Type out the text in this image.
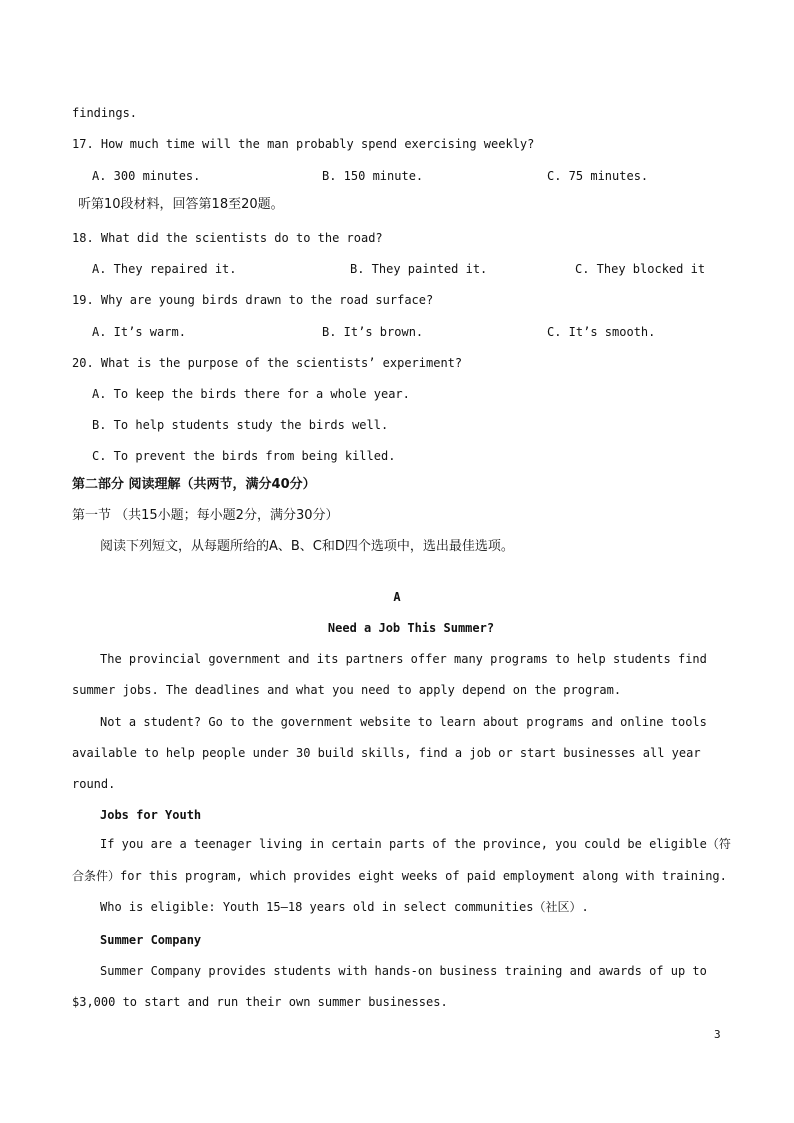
findings.
17. How much time will the man probably spend exercising weekly?
A. 300 minutes.	B. 150 minute.	C. 75 minutes.
听第10段材料，回答第18至20题。
18. What did the scientists do to the road?
A. They repaired it.	B. They painted it.	C. They blocked it
19. Why are young birds drawn to the road surface?
A. It’s warm.	B. It’s brown.	C. It’s smooth.
20. What is the purpose of the scientists’ experiment?
A. To keep the birds there for a whole year.
B. To help students study the birds well.
C. To prevent the birds from being killed.
第二部分 阅读理解（共两节，满分40分）
第一节 （共15小题；每小题2分，满分30分）
阅读下列短文，从每题所给的A、B、C和D四个选项中，选出最佳选项。
A
Need a Job This Summer?
The provincial government and its partners offer many programs to help students find
summer jobs. The deadlines and what you need to apply depend on the program.
Not a student? Go to the government website to learn about programs and online tools
available to help people under 30 build skills, find a job or start businesses all year
round.
Jobs for Youth
If you are a teenager living in certain parts of the province, you could be eligible（符
合条件）for this program, which provides eight weeks of paid employment along with training.
Who is eligible: Youth 15—18 years old in select communities（社区）.
Summer Company
Summer Company provides students with hands-on business training and awards of up to
$3,000 to start and run their own summer businesses.
3
